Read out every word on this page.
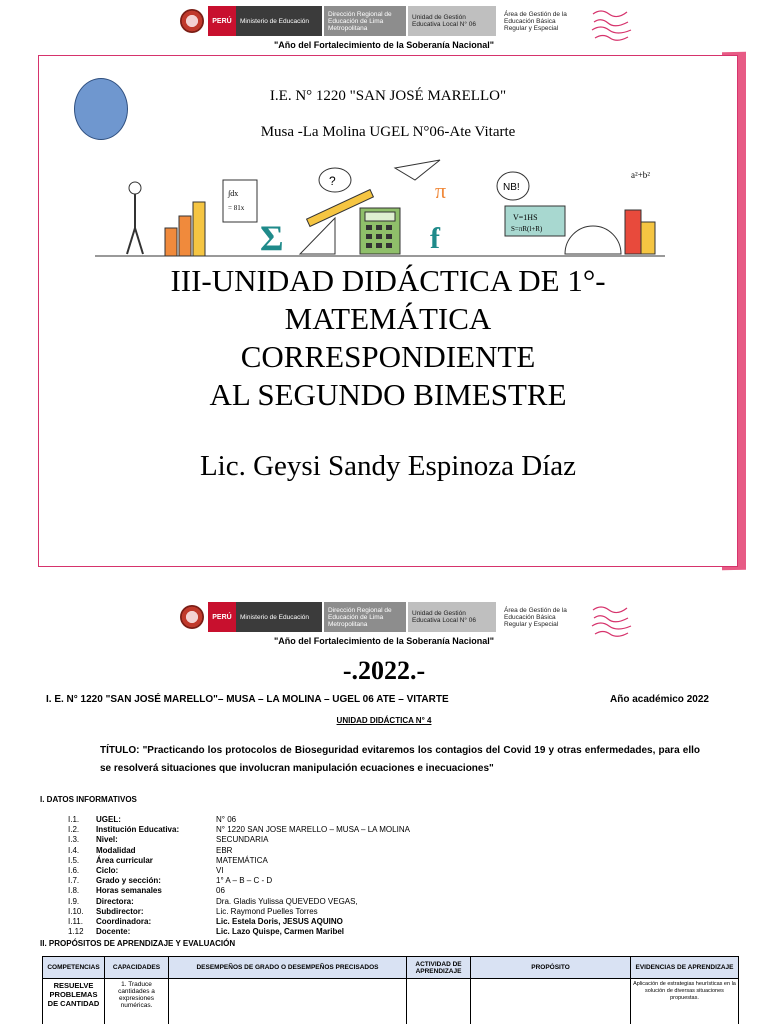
PERÚ	Ministerio de Educación
Dirección Regional de Educación de Lima Metropolitana
Unidad de Gestión Educativa Local N° 06
Área de Gestión de la Educación Básica Regular y Especial
"Año del Fortalecimiento de la Soberanía Nacional"
I.E. N° 1220 "SAN JOSÉ MARELLO"
Musa -La Molina UGEL N°06-Ate Vitarte
∫dx
= 81x
Σ
?	π
f
NB!
V=1HS
S=πR(l+R)
a²+b²
III-UNIDAD DIDÁCTICA DE 1°-
MATEMÁTICA
CORRESPONDIENTE
AL SEGUNDO BIMESTRE
Lic. Geysi Sandy Espinoza Díaz
PERÚ	Ministerio de Educación
Dirección Regional de Educación de Lima Metropolitana
Unidad de Gestión Educativa Local N° 06
Área de Gestión de la Educación Básica Regular y Especial
"Año del Fortalecimiento de la Soberanía Nacional"
-.2022.-
I. E. N° 1220 "SAN JOSÉ MARELLO"– MUSA – LA MOLINA – UGEL 06 ATE – VITARTE	Año académico 2022
UNIDAD DIDÁCTICA N° 4
TÍTULO: "Practicando los protocolos de Bioseguridad evitaremos los contagios del Covid 19 y otras enfermedades, para ello se resolverá situaciones que involucran manipulación ecuaciones e inecuaciones"
I. DATOS INFORMATIVOS
I.1.	UGEL:	N° 06
I.2.	Institución Educativa:	N° 1220 SAN JOSE MARELLO – MUSA – LA MOLINA
I.3.	Nivel:	SECUNDARIA
I.4.	Modalidad	EBR
I.5.	Área curricular	MATEMÁTICA
I.6.	Ciclo:	VI
I.7.	Grado y sección:	1° A – B – C - D
I.8.	Horas semanales	06
I.9.	Directora:	Dra. Gladis Yulissa QUEVEDO VEGAS,
I.10.	Subdirector:	Lic. Raymond Puelles Torres
I.11.	Coordinadora:	Lic. Estela Doris, JESUS AQUINO
1.12	Docente:	Lic. Lazo Quispe, Carmen Maribel
II. PROPÓSITOS DE APRENDIZAJE Y EVALUACIÓN
COMPETENCIAS	CAPACIDADES	DESEMPEÑOS DE GRADO O DESEMPEÑOS PRECISADOS	ACTIVIDAD DE APRENDIZAJE	PROPÓSITO	EVIDENCIAS DE APRENDIZAJE
RESUELVE PROBLEMAS DE CANTIDAD	1. Traduce cantidades a expresiones numéricas.				Aplicación de estrategias heurísticas en la solución de diversas situaciones propuestas.
